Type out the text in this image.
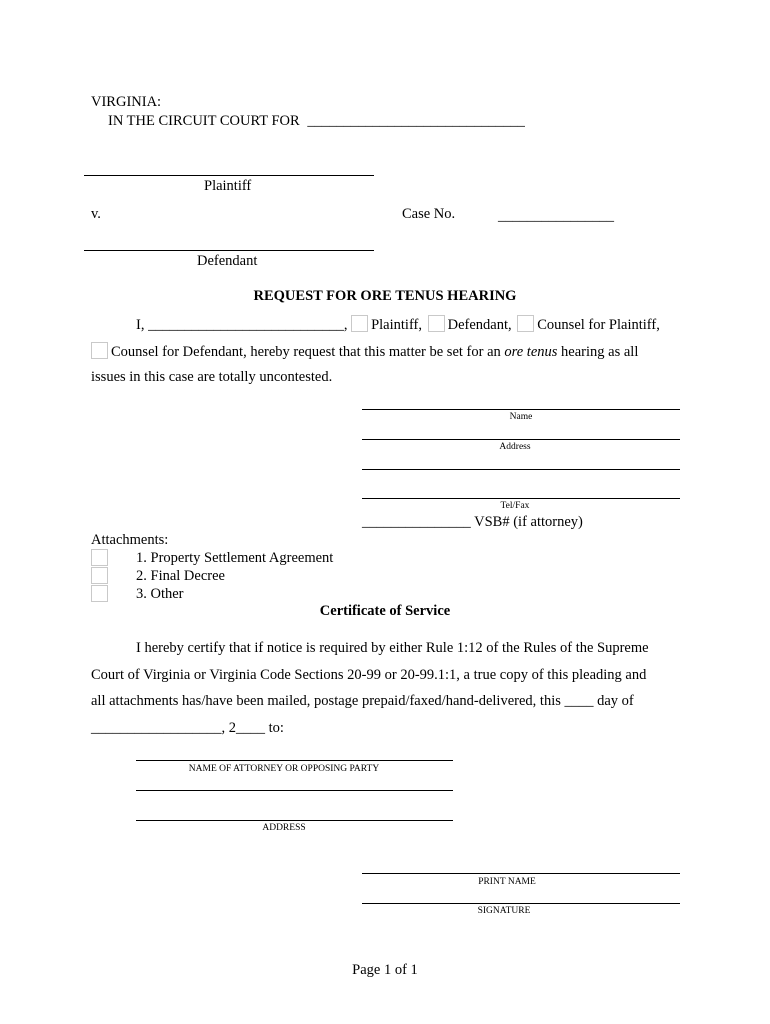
VIRGINIA:
IN THE CIRCUIT COURT FOR ______________________________
Plaintiff
v.	Case No.	________________
Defendant
REQUEST FOR ORE TENUS HEARING
I, ___________________________, Plaintiff, Defendant, Counsel for Plaintiff,
Counsel for Defendant, hereby request that this matter be set for an ore tenus hearing as all
issues in this case are totally uncontested.
Name
Address
Tel/Fax
_______________ VSB# (if attorney)
Attachments:
1. Property Settlement Agreement
2. Final Decree
3. Other
Certificate of Service
I hereby certify that if notice is required by either Rule 1:12 of the Rules of the Supreme
Court of Virginia or Virginia Code Sections 20-99 or 20-99.1:1, a true copy of this pleading and
all attachments has/have been mailed, postage prepaid/faxed/hand-delivered, this ____ day of
__________________, 2____ to:
NAME OF ATTORNEY OR OPPOSING PARTY
ADDRESS
PRINT NAME
SIGNATURE
Page 1 of 1
